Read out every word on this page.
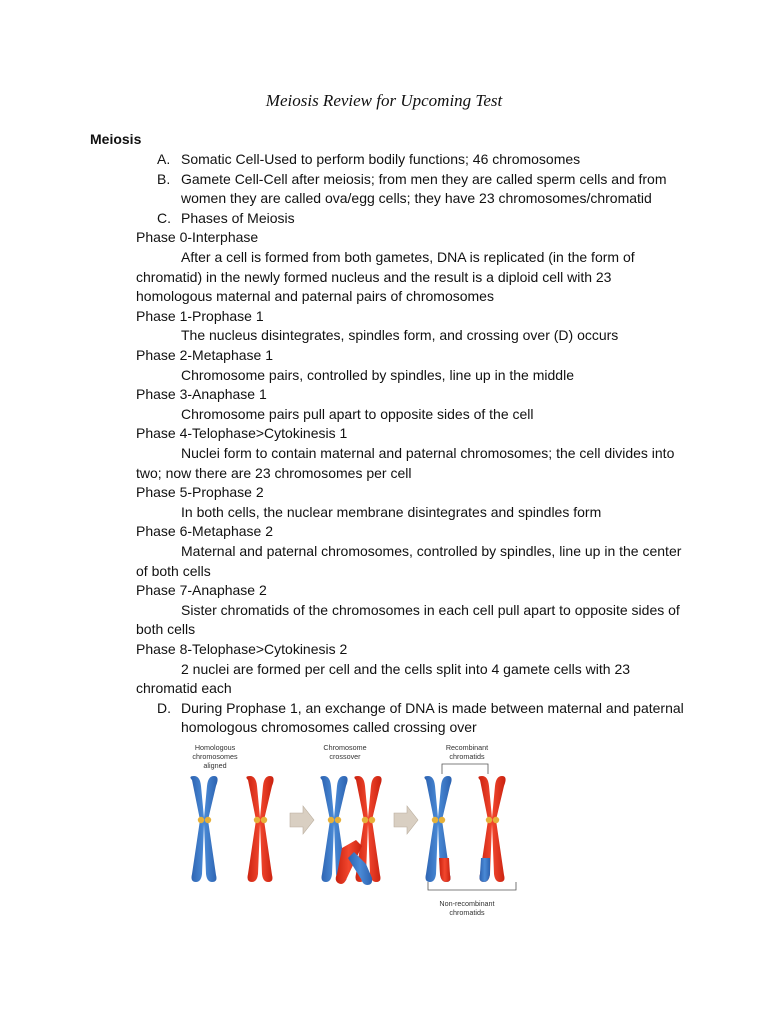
Meiosis Review for Upcoming Test
Meiosis
A. Somatic Cell-Used to perform bodily functions; 46 chromosomes
B. Gamete Cell-Cell after meiosis; from men they are called sperm cells and from
women they are called ova/egg cells; they have 23 chromosomes/chromatid
C. Phases of Meiosis
Phase 0-Interphase
After a cell is formed from both gametes, DNA is replicated (in the form of
chromatid) in the newly formed nucleus and the result is a diploid cell with 23
homologous maternal and paternal pairs of chromosomes
Phase 1-Prophase 1
The nucleus disintegrates, spindles form, and crossing over (D) occurs
Phase 2-Metaphase 1
Chromosome pairs, controlled by spindles, line up in the middle
Phase 3-Anaphase 1
Chromosome pairs pull apart to opposite sides of the cell
Phase 4-Telophase>Cytokinesis 1
Nuclei form to contain maternal and paternal chromosomes; the cell divides into
two; now there are 23 chromosomes per cell
Phase 5-Prophase 2
In both cells, the nuclear membrane disintegrates and spindles form
Phase 6-Metaphase 2
Maternal and paternal chromosomes, controlled by spindles, line up in the center
of both cells
Phase 7-Anaphase 2
Sister chromatids of the chromosomes in each cell pull apart to opposite sides of
both cells
Phase 8-Telophase>Cytokinesis 2
2 nuclei are formed per cell and the cells split into 4 gamete cells with 23
chromatid each
D. During Prophase 1, an exchange of DNA is made between maternal and paternal
homologous chromosomes called crossing over
Homologous
chromosomes
aligned
Chromosome
crossover
Recombinant
chromatids
Non-recombinant
chromatids
